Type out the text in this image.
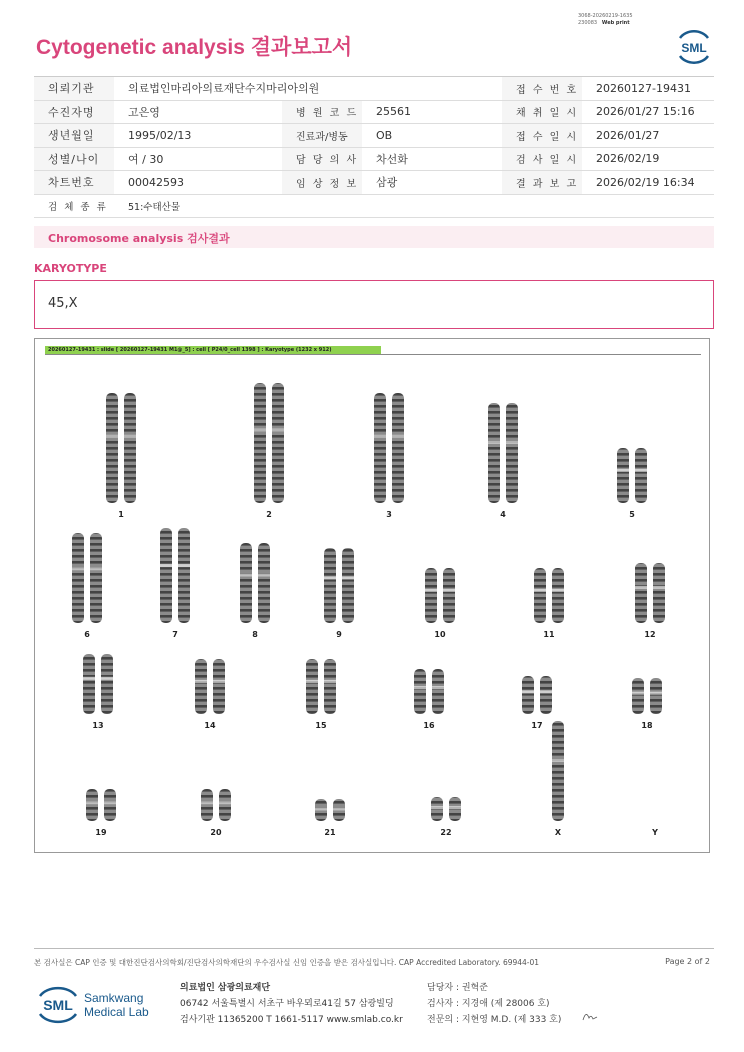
3068-20260219-1635
230083 Web print
Cytogenetic analysis 결과보고서	SML
의뢰기관	의료법인마리아의료재단수지마리아의원	접 수 번 호	20260127-19431
수진자명	고은영	병 원 코 드	25561	채 취 일 시	2026/01/27 15:16
생년월일	1995/02/13	진료과/병동	OB	접 수 일 시	2026/01/27
성별/나이	여 / 30	담 당 의 사	차선화	검 사 일 시	2026/02/19
차트번호	00042593	임 상 정 보	삼광	결 과 보 고	2026/02/19 16:34
검 체 종 류	51:수태산물
Chromosome analysis 검사결과
KARYOTYPE
45,X
20260127-19431 : slide [ 20260127-19431 M1@_5] : cell [ P24/0_cell 1398 ] : Karyotype (1232 x 912)
1	2	3	4	5
6	7	8	9	10	11	12
13	14	15	16	17	18
19	20	21	22	X	Y
본 검사실은 CAP 인증 및 대한진단검사의학회/진단검사의학재단의 우수검사실 신임 인증을 받은 검사실입니다. CAP Accredited Laboratory. 69944-01	Page 2 of 2
SML Samkwang
Medical Lab
의료법인 삼광의료재단
06742 서울특별시 서초구 바우뫼로41길 57 삼광빌딩
검사기관 11365200 T 1661-5117 www.smlab.co.kr
담당자 : 권혁준
검사자 : 지경애 (제 28006 호)
전문의 : 지현영 M.D. (제 333 호)
